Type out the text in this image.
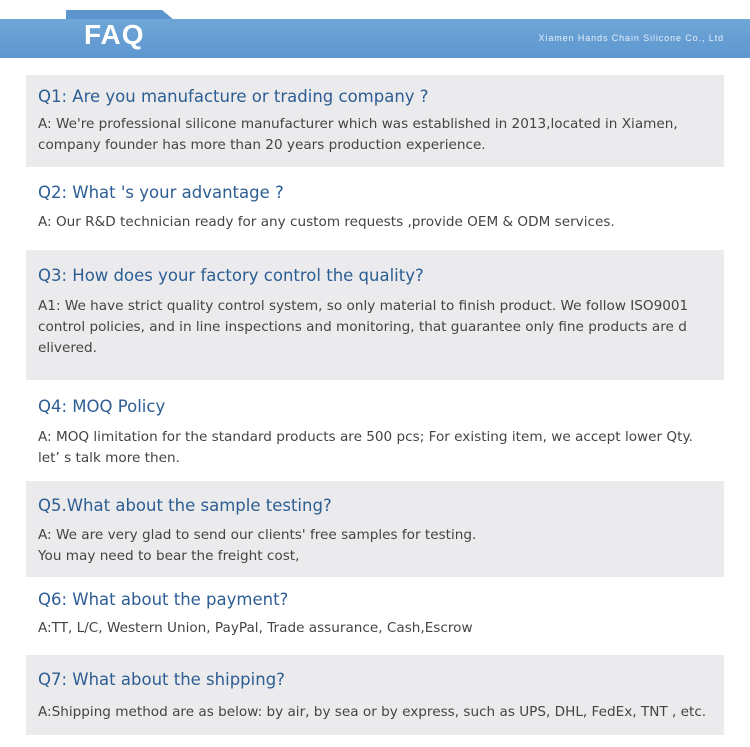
FAQ	Xiamen Hands Chain Silicone Co., Ltd
Q1: Are you manufacture or trading company ?
A: We're professional silicone manufacturer which was established in 2013,located in Xiamen,
company founder has more than 20 years production experience.
Q2: What 's your advantage ?
A: Our R&D technician ready for any custom requests ,provide OEM & ODM services.
Q3: How does your factory control the quality?
A1: We have strict quality control system, so only material to finish product. We follow ISO9001
control policies, and in line inspections and monitoring, that guarantee only fine products are d
elivered.
Q4: MOQ Policy
A: MOQ limitation for the standard products are 500 pcs; For existing item, we accept lower Qty.
let’ s talk more then.
Q5.What about the sample testing?
A: We are very glad to send our clients' free samples for testing.
You may need to bear the freight cost,
Q6: What about the payment?
A:TT, L/C, Western Union, PayPal, Trade assurance, Cash,Escrow
Q7: What about the shipping?
A:Shipping method are as below: by air, by sea or by express, such as UPS, DHL, FedEx, TNT , etc.
